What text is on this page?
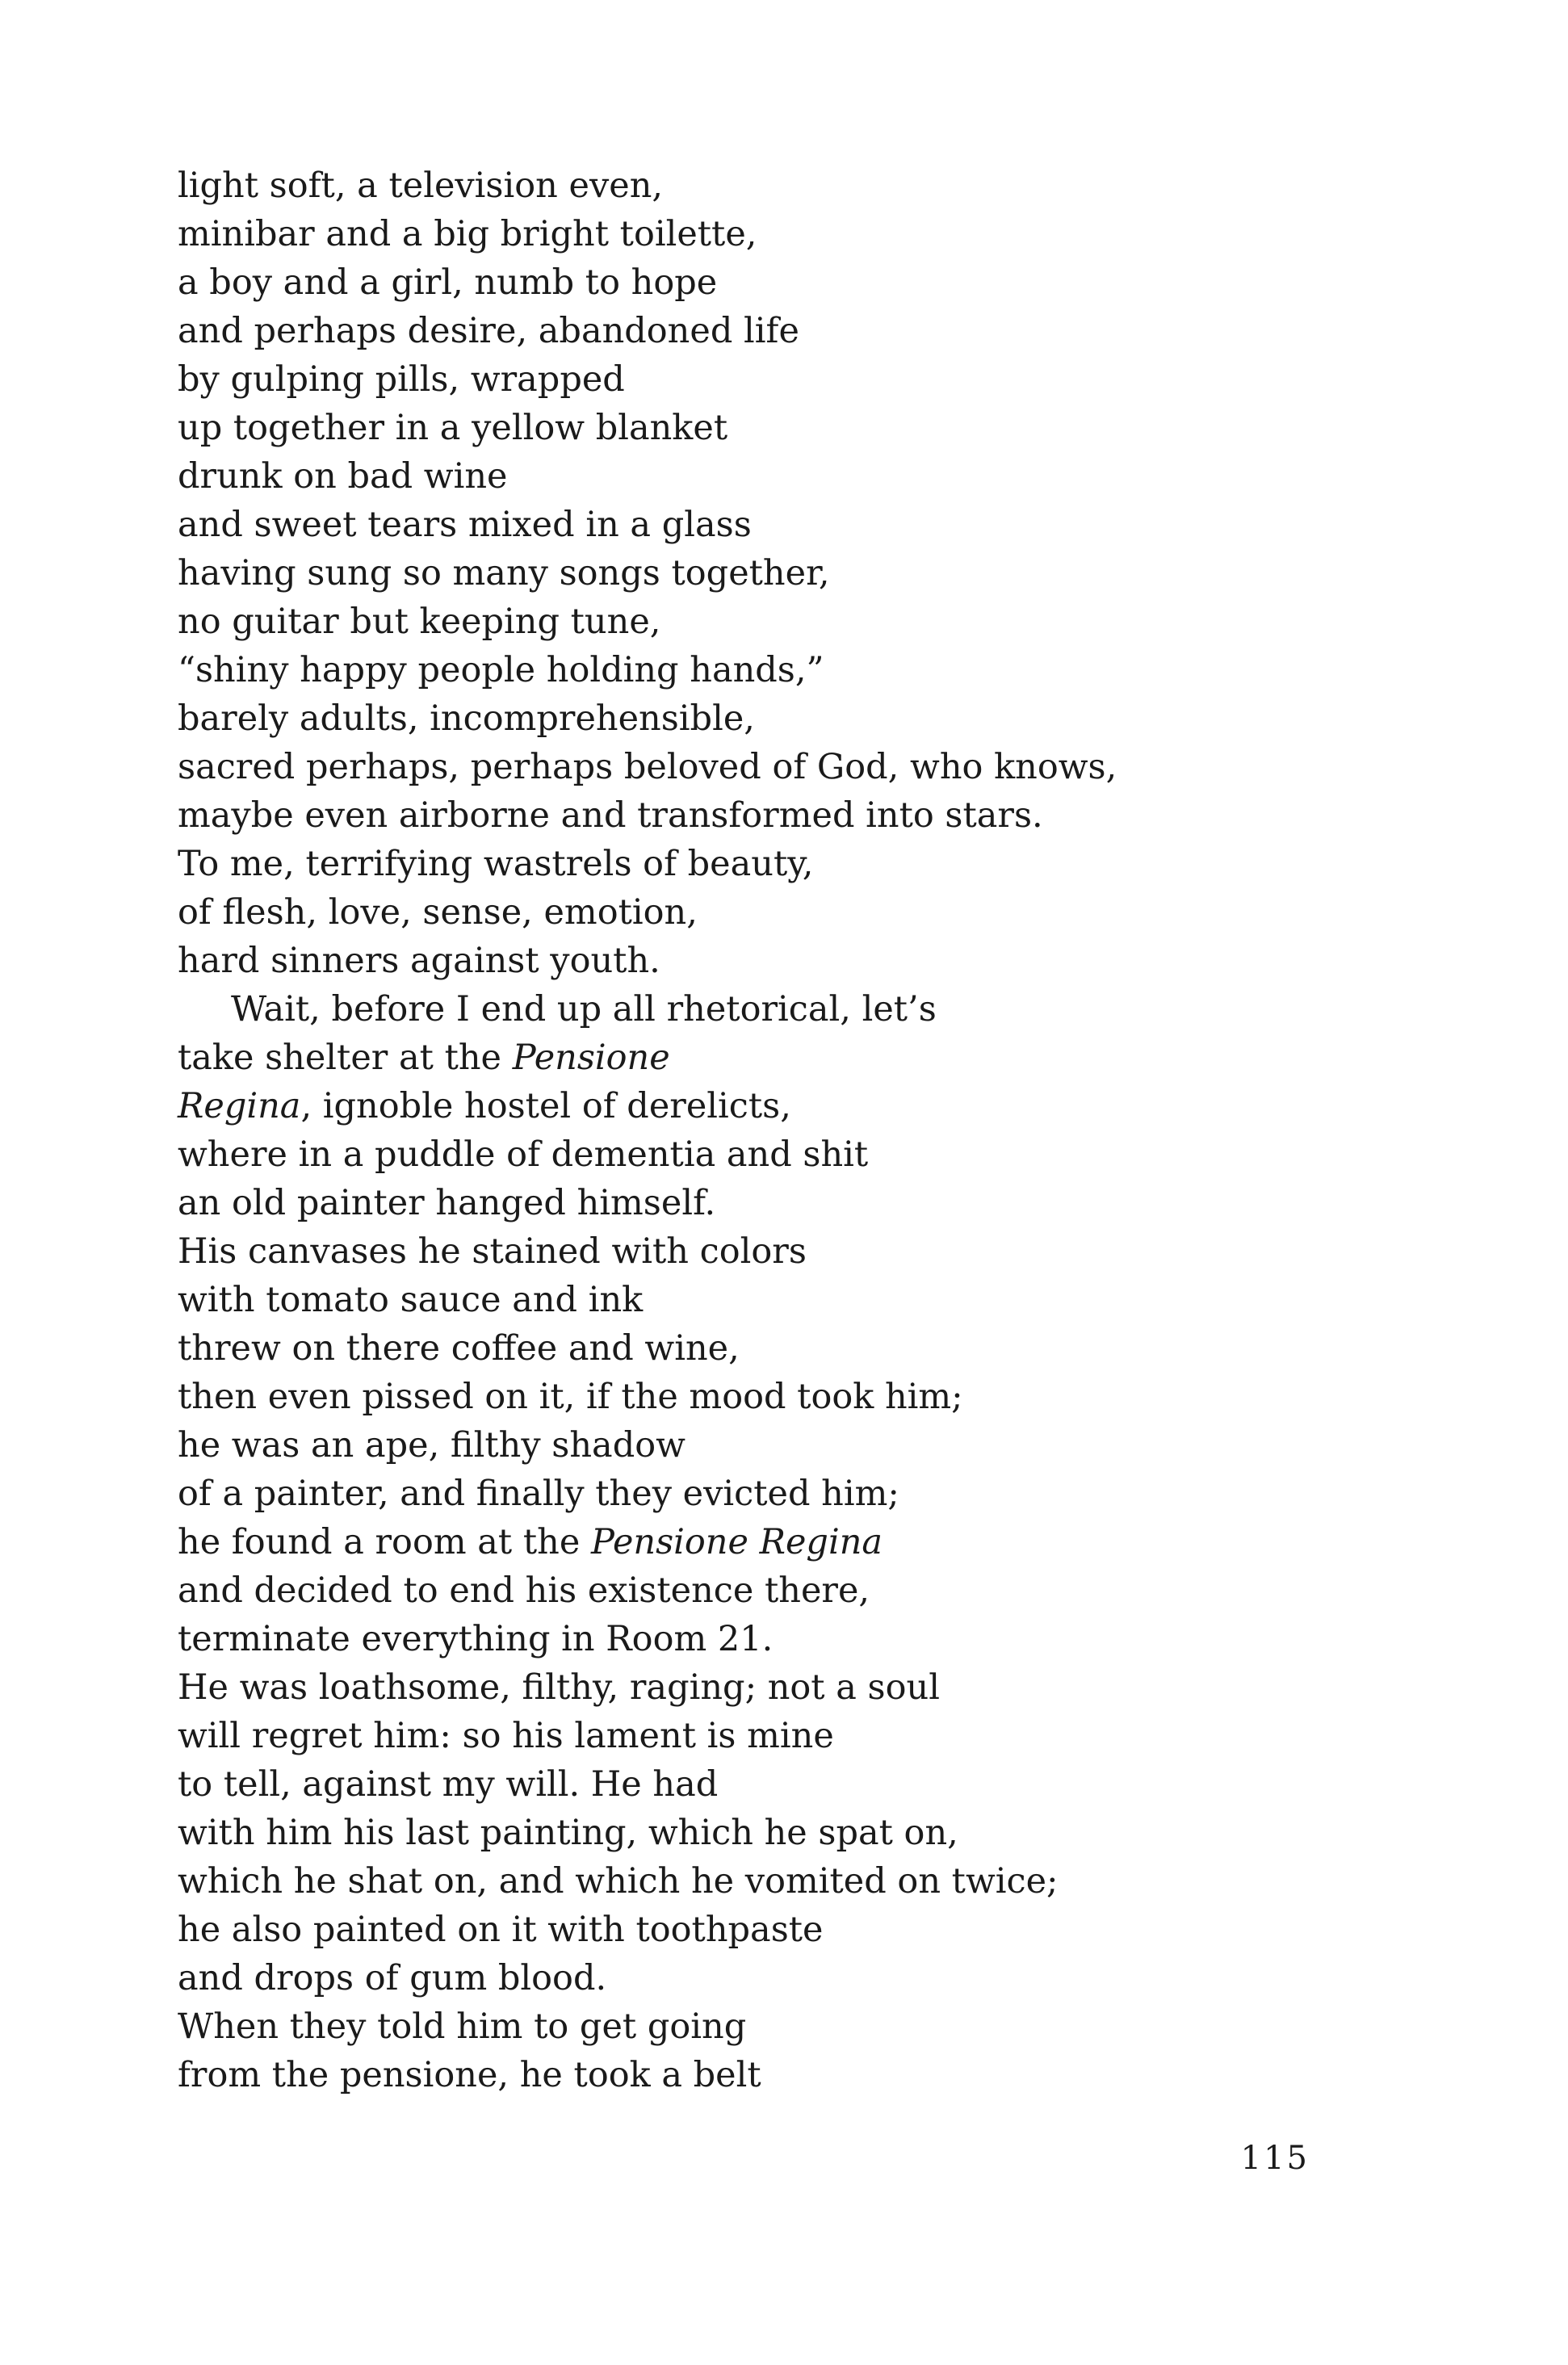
light soft, a television even,
minibar and a big bright toilette,
a boy and a girl, numb to hope
and perhaps desire, abandoned life
by gulping pills, wrapped
up together in a yellow blanket
drunk on bad wine
and sweet tears mixed in a glass
having sung so many songs together,
no guitar but keeping tune,
“shiny happy people holding hands,”
barely adults, incomprehensible,
sacred perhaps, perhaps beloved of God, who knows,
maybe even airborne and transformed into stars.
To me, terrifying wastrels of beauty,
of flesh, love, sense, emotion,
hard sinners against youth.
Wait, before I end up all rhetorical, let’s
take shelter at the Pensione
Regina, ignoble hostel of derelicts,
where in a puddle of dementia and shit
an old painter hanged himself.
His canvases he stained with colors
with tomato sauce and ink
threw on there coffee and wine,
then even pissed on it, if the mood took him;
he was an ape, filthy shadow
of a painter, and finally they evicted him;
he found a room at the Pensione Regina
and decided to end his existence there,
terminate everything in Room 21.
He was loathsome, filthy, raging; not a soul
will regret him: so his lament is mine
to tell, against my will. He had
with him his last painting, which he spat on,
which he shat on, and which he vomited on twice;
he also painted on it with toothpaste
and drops of gum blood.
When they told him to get going
from the pensione, he took a belt
115
